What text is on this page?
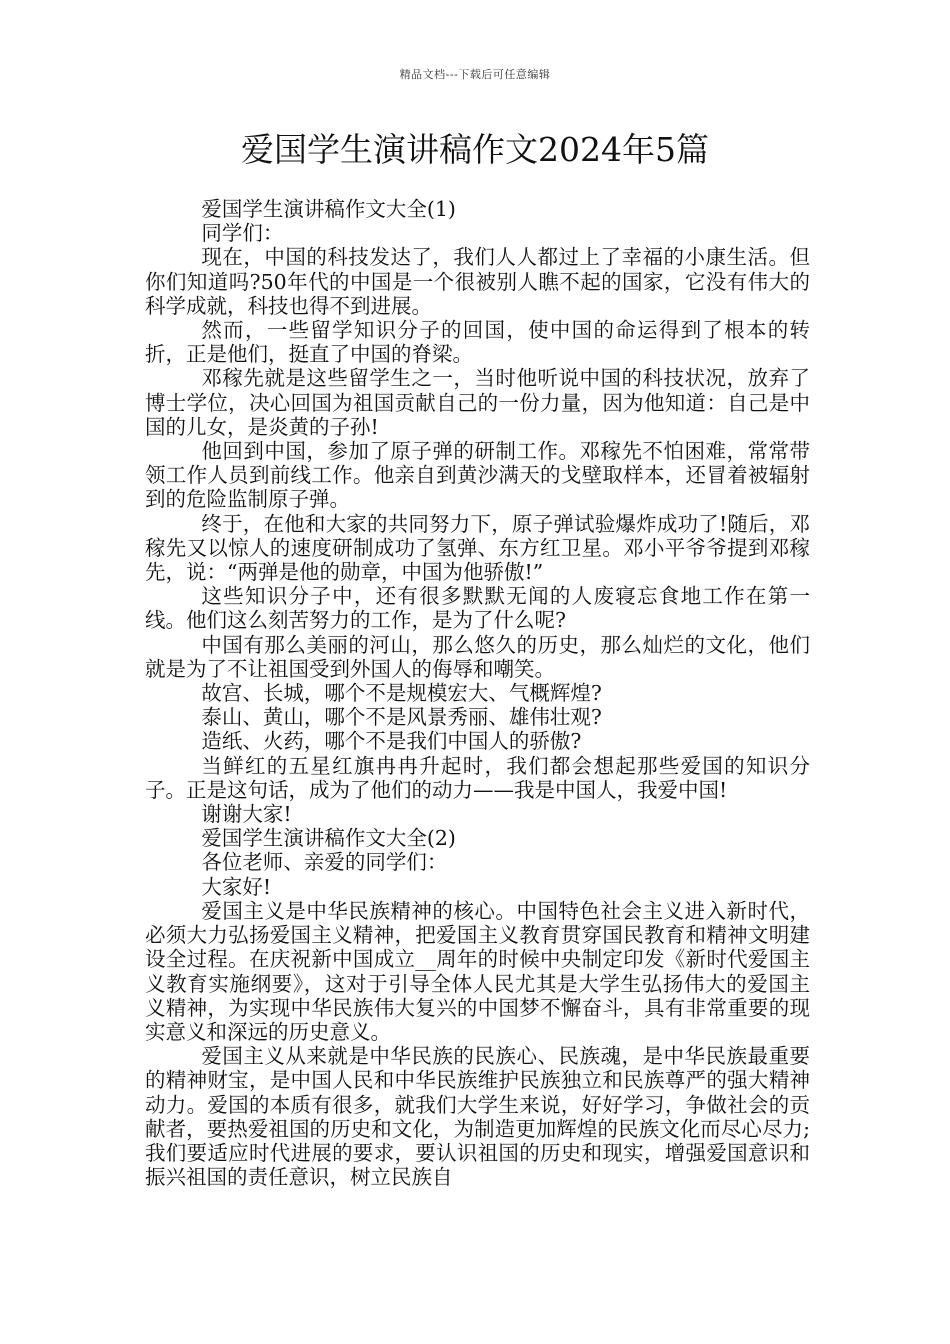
精品文档---下载后可任意编辑
爱国学生演讲稿作文2024年5篇

爱国学生演讲稿作文大全(1)

同学们：

现在，中国的科技发达了，我们人人都过上了幸福的小康生活。但你们知道吗?50年代的中国是一个很被别人瞧不起的国家，它没有伟大的科学成就，科技也得不到进展。

然而，一些留学知识分子的回国，使中国的命运得到了根本的转折，正是他们，挺直了中国的脊梁。

邓稼先就是这些留学生之一，当时他听说中国的科技状况，放弃了博士学位，决心回国为祖国贡献自己的一份力量，因为他知道：自己是中国的儿女，是炎黄的子孙!

他回到中国，参加了原子弹的研制工作。邓稼先不怕困难，常常带领工作人员到前线工作。他亲自到黄沙满天的戈壁取样本，还冒着被辐射到的危险监制原子弹。

终于，在他和大家的共同努力下，原子弹试验爆炸成功了!随后，邓稼先又以惊人的速度研制成功了氢弹、东方红卫星。邓小平爷爷提到邓稼先，说：“两弹是他的勋章，中国为他骄傲!”

这些知识分子中，还有很多默默无闻的人废寝忘食地工作在第一线。他们这么刻苦努力的工作，是为了什么呢?

中国有那么美丽的河山，那么悠久的历史，那么灿烂的文化，他们就是为了不让祖国受到外国人的侮辱和嘲笑。

故宫、长城，哪个不是规模宏大、气概辉煌?

泰山、黄山，哪个不是风景秀丽、雄伟壮观?

造纸、火药，哪个不是我们中国人的骄傲?

当鲜红的五星红旗冉冉升起时，我们都会想起那些爱国的知识分子。正是这句话，成为了他们的动力——我是中国人，我爱中国!

谢谢大家!

爱国学生演讲稿作文大全(2)

各位老师、亲爱的同学们：

大家好!

爱国主义是中华民族精神的核心。中国特色社会主义进入新时代，必须大力弘扬爱国主义精神，把爱国主义教育贯穿国民教育和精神文明建设全过程。在庆祝新中国成立__周年的时候中央制定印发《新时代爱国主义教育实施纲要》，这对于引导全体人民尤其是大学生弘扬伟大的爱国主义精神，为实现中华民族伟大复兴的中国梦不懈奋斗，具有非常重要的现实意义和深远的历史意义。

爱国主义从来就是中华民族的民族心、民族魂，是中华民族最重要的精神财宝，是中国人民和中华民族维护民族独立和民族尊严的强大精神动力。爱国的本质有很多，就我们大学生来说，好好学习，争做社会的贡献者，要热爱祖国的历史和文化，为制造更加辉煌的民族文化而尽心尽力;我们要适应时代进展的要求，要认识祖国的历史和现实，增强爱国意识和振兴祖国的责任意识，树立民族自
